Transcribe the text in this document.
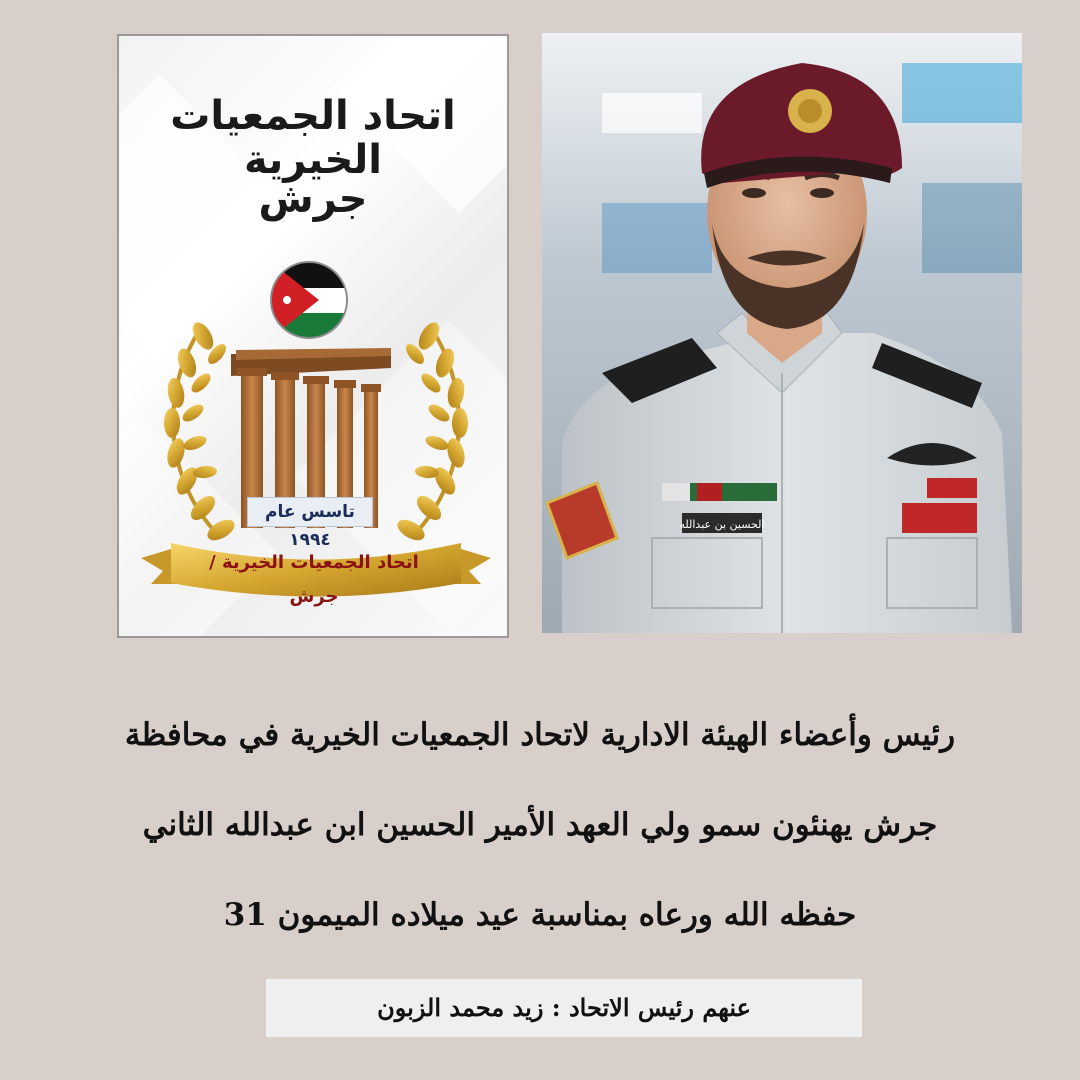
اتحاد الجمعيات الخيرية
جرش
تاسس عام ١٩٩٤
اتحاد الجمعيات الخيرية / جرش
الحسين بن عبدالله
رئيس وأعضاء الهيئة الادارية لاتحاد الجمعيات الخيرية في محافظة
جرش يهنئون سمو ولي العهد الأمير الحسين ابن عبدالله الثاني
حفظه الله ورعاه بمناسبة عيد ميلاده الميمون 31
عنهم رئيس الاتحاد : زيد محمد الزبون
